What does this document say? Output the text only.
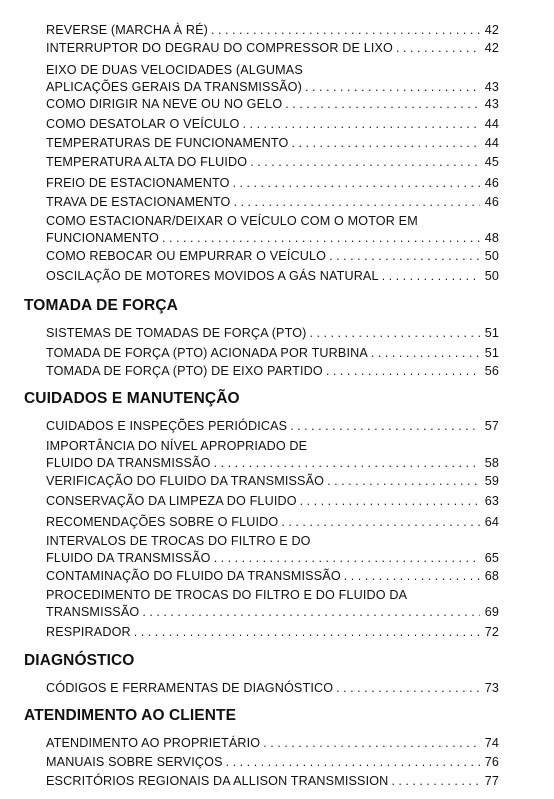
REVERSE (MARCHA À RÉ) . . .	42
INTERRUPTOR DO DEGRAU DO COMPRESSOR DE LIXO . . .	42
EIXO DE DUAS VELOCIDADES (ALGUMAS
APLICAÇÕES GERAIS DA TRANSMISSÃO) . . .	43
COMO DIRIGIR NA NEVE OU NO GELO . . .	43
COMO DESATOLAR O VEÍCULO . . .	44
TEMPERATURAS DE FUNCIONAMENTO . . .	44
TEMPERATURA ALTA DO FLUIDO . . .	45
FREIO DE ESTACIONAMENTO . . .	46
TRAVA DE ESTACIONAMENTO . . .	46
COMO ESTACIONAR/DEIXAR O VEÍCULO COM O MOTOR EM
FUNCIONAMENTO . . .	48
COMO REBOCAR OU EMPURRAR O VEÍCULO . . .	50
OSCILAÇÃO DE MOTORES MOVIDOS A GÁS NATURAL . . .	50
TOMADA DE FORÇA
SISTEMAS DE TOMADAS DE FORÇA (PTO) . . .	51
TOMADA DE FORÇA (PTO) ACIONADA POR TURBINA . . .	51
TOMADA DE FORÇA (PTO) DE EIXO PARTIDO . . .	56
CUIDADOS E MANUTENÇÃO
CUIDADOS E INSPEÇÕES PERIÓDICAS . . .	57
IMPORTÂNCIA DO NÍVEL APROPRIADO DE
FLUIDO DA TRANSMISSÃO . . .	58
VERIFICAÇÃO DO FLUIDO DA TRANSMISSÃO . . .	59
CONSERVAÇÃO DA LIMPEZA DO FLUIDO . . .	63
RECOMENDAÇÕES SOBRE O FLUIDO . . .	64
INTERVALOS DE TROCAS DO FILTRO E DO
FLUIDO DA TRANSMISSÃO . . .	65
CONTAMINAÇÃO DO FLUIDO DA TRANSMISSÃO . . .	68
PROCEDIMENTO DE TROCAS DO FILTRO E DO FLUIDO DA
TRANSMISSÃO . . .	69
RESPIRADOR . . .	72
DIAGNÓSTICO
CÓDIGOS E FERRAMENTAS DE DIAGNÓSTICO . . .	73
ATENDIMENTO AO CLIENTE
ATENDIMENTO AO PROPRIETÁRIO . . .	74
MANUAIS SOBRE SERVIÇOS . . .	76
ESCRITÓRIOS REGIONAIS DA ALLISON TRANSMISSION . . .	77
